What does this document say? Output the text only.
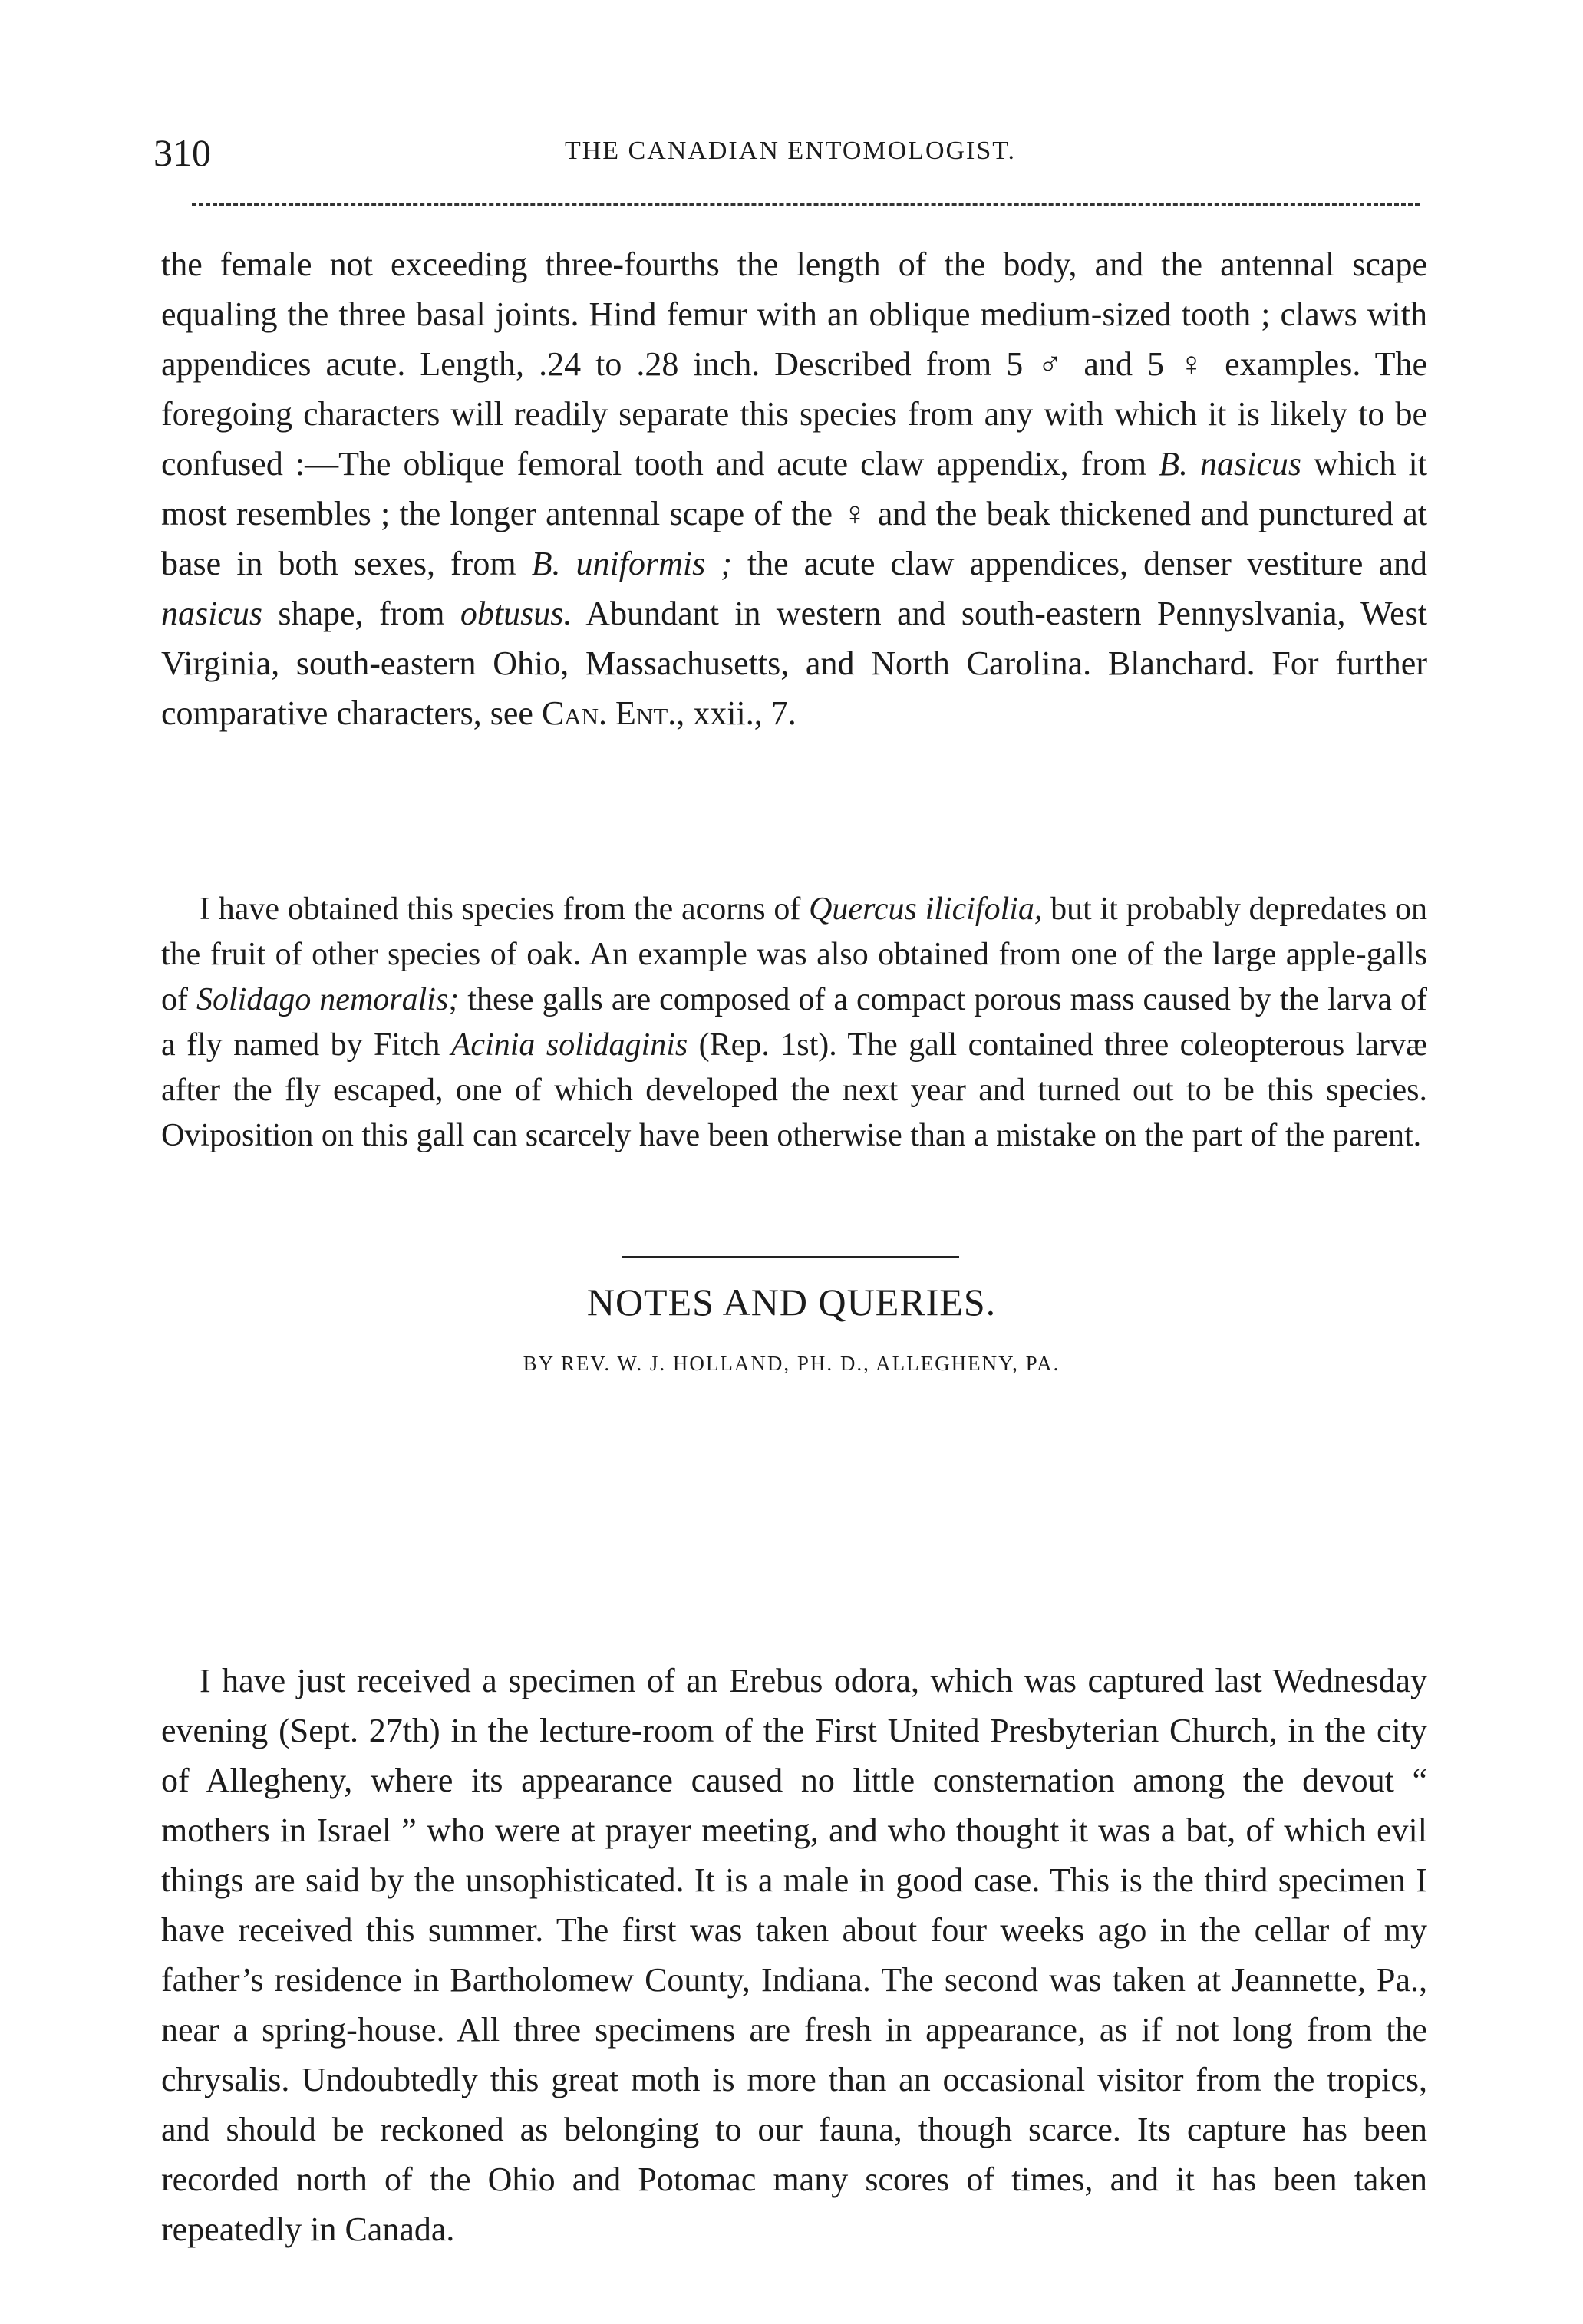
310	THE CANADIAN ENTOMOLOGIST.

the female not exceeding three-fourths the length of the body, and the antennal scape equaling the three basal joints. Hind femur with an oblique medium-sized tooth ; claws with appendices acute. Length, .24 to .28 inch. Described from 5 ♂ and 5 ♀ examples. The foregoing characters will readily separate this species from any with which it is likely to be confused :—The oblique femoral tooth and acute claw appendix, from B. nasicus which it most resembles ; the longer antennal scape of the ♀ and the beak thickened and punctured at base in both sexes, from B. uniformis ; the acute claw appendices, denser vestiture and nasicus shape, from obtusus. Abundant in western and south-eastern Pennyslvania, West Virginia, south-eastern Ohio, Massachusetts, and North Carolina. Blanchard. For further comparative characters, see Can. Ent., xxii., 7.

I have obtained this species from the acorns of Quercus ilicifolia, but it probably depredates on the fruit of other species of oak. An example was also obtained from one of the large apple-galls of Solidago nemoralis; these galls are composed of a compact porous mass caused by the larva of a fly named by Fitch Acinia solidaginis (Rep. 1st). The gall contained three coleopterous larvæ after the fly escaped, one of which developed the next year and turned out to be this species. Oviposition on this gall can scarcely have been otherwise than a mistake on the part of the parent.

NOTES AND QUERIES.
BY REV. W. J. HOLLAND, PH. D., ALLEGHENY, PA.

I have just received a specimen of an Erebus odora, which was captured last Wednesday evening (Sept. 27th) in the lecture-room of the First United Presbyterian Church, in the city of Allegheny, where its appearance caused no little consternation among the devout “ mothers in Israel ” who were at prayer meeting, and who thought it was a bat, of which evil things are said by the unsophisticated. It is a male in good case. This is the third specimen I have received this summer. The first was taken about four weeks ago in the cellar of my father’s residence in Bartholomew County, Indiana. The second was taken at Jeannette, Pa., near a spring-house. All three specimens are fresh in appearance, as if not long from the chrysalis. Undoubtedly this great moth is more than an occasional visitor from the tropics, and should be reckoned as belonging to our fauna, though scarce. Its capture has been recorded north of the Ohio and Potomac many scores of times, and it has been taken repeatedly in Canada.
